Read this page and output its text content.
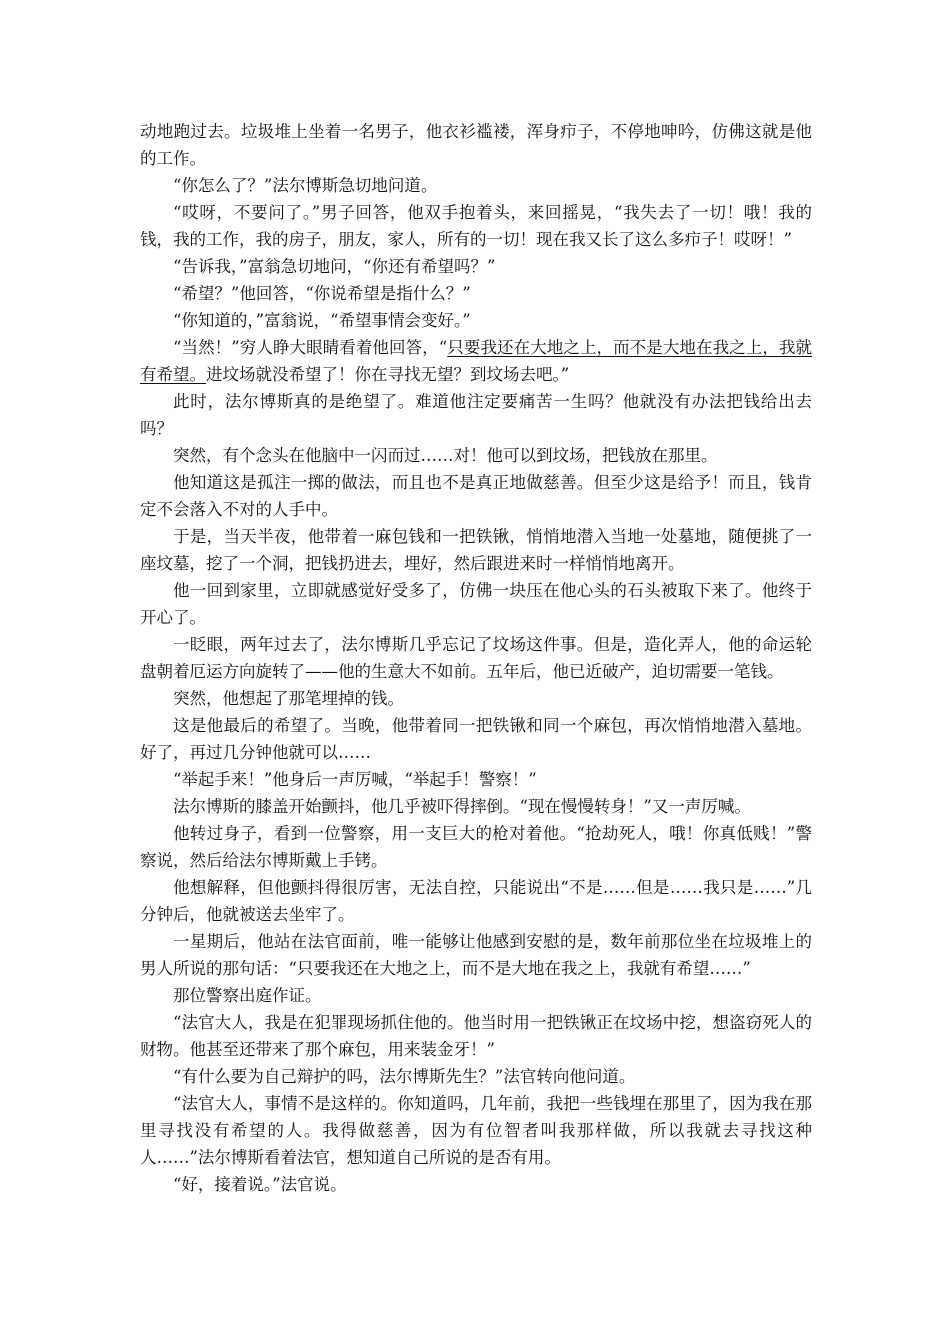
动地跑过去。垃圾堆上坐着一名男子，他衣衫褴褛，浑身疖子，不停地呻吟，仿佛这就是他的工作。

“你怎么了？”法尔博斯急切地问道。

“哎呀，不要问了。”男子回答，他双手抱着头，来回摇晃，“我失去了一切！哦！我的钱，我的工作，我的房子，朋友，家人，所有的一切！现在我又长了这么多疖子！哎呀！”

“告诉我，”富翁急切地问，“你还有希望吗？”

“希望？”他回答，“你说希望是指什么？”

“你知道的，”富翁说，“希望事情会变好。”

“当然！”穷人睁大眼睛看着他回答，“只要我还在大地之上，而不是大地在我之上，我就有希望。进坟场就没希望了！你在寻找无望？到坟场去吧。”

此时，法尔博斯真的是绝望了。难道他注定要痛苦一生吗？他就没有办法把钱给出去吗？

突然，有个念头在他脑中一闪而过……对！他可以到坟场，把钱放在那里。

他知道这是孤注一掷的做法，而且也不是真正地做慈善。但至少这是给予！而且，钱肯定不会落入不对的人手中。

于是，当天半夜，他带着一麻包钱和一把铁锹，悄悄地潜入当地一处墓地，随便挑了一座坟墓，挖了一个洞，把钱扔进去，埋好，然后跟进来时一样悄悄地离开。

他一回到家里，立即就感觉好受多了，仿佛一块压在他心头的石头被取下来了。他终于开心了。

一眨眼，两年过去了，法尔博斯几乎忘记了坟场这件事。但是，造化弄人，他的命运轮盘朝着厄运方向旋转了——他的生意大不如前。五年后，他已近破产，迫切需要一笔钱。

突然，他想起了那笔埋掉的钱。

这是他最后的希望了。当晚，他带着同一把铁锹和同一个麻包，再次悄悄地潜入墓地。好了，再过几分钟他就可以……

“举起手来！”他身后一声厉喊，“举起手！警察！”

法尔博斯的膝盖开始颤抖，他几乎被吓得摔倒。“现在慢慢转身！”又一声厉喊。

他转过身子，看到一位警察，用一支巨大的枪对着他。“抢劫死人，哦！你真低贱！”警察说，然后给法尔博斯戴上手铐。

他想解释，但他颤抖得很厉害，无法自控，只能说出“不是……但是……我只是……”几分钟后，他就被送去坐牢了。

一星期后，他站在法官面前，唯一能够让他感到安慰的是，数年前那位坐在垃圾堆上的男人所说的那句话：“只要我还在大地之上，而不是大地在我之上，我就有希望……”

那位警察出庭作证。

“法官大人，我是在犯罪现场抓住他的。他当时用一把铁锹正在坟场中挖，想盗窃死人的财物。他甚至还带来了那个麻包，用来装金牙！”

“有什么要为自己辩护的吗，法尔博斯先生？”法官转向他问道。

“法官大人，事情不是这样的。你知道吗，几年前，我把一些钱埋在那里了，因为我在那里寻找没有希望的人。我得做慈善，因为有位智者叫我那样做，所以我就去寻找这种人……”法尔博斯看着法官，想知道自己所说的是否有用。

“好，接着说。”法官说。
